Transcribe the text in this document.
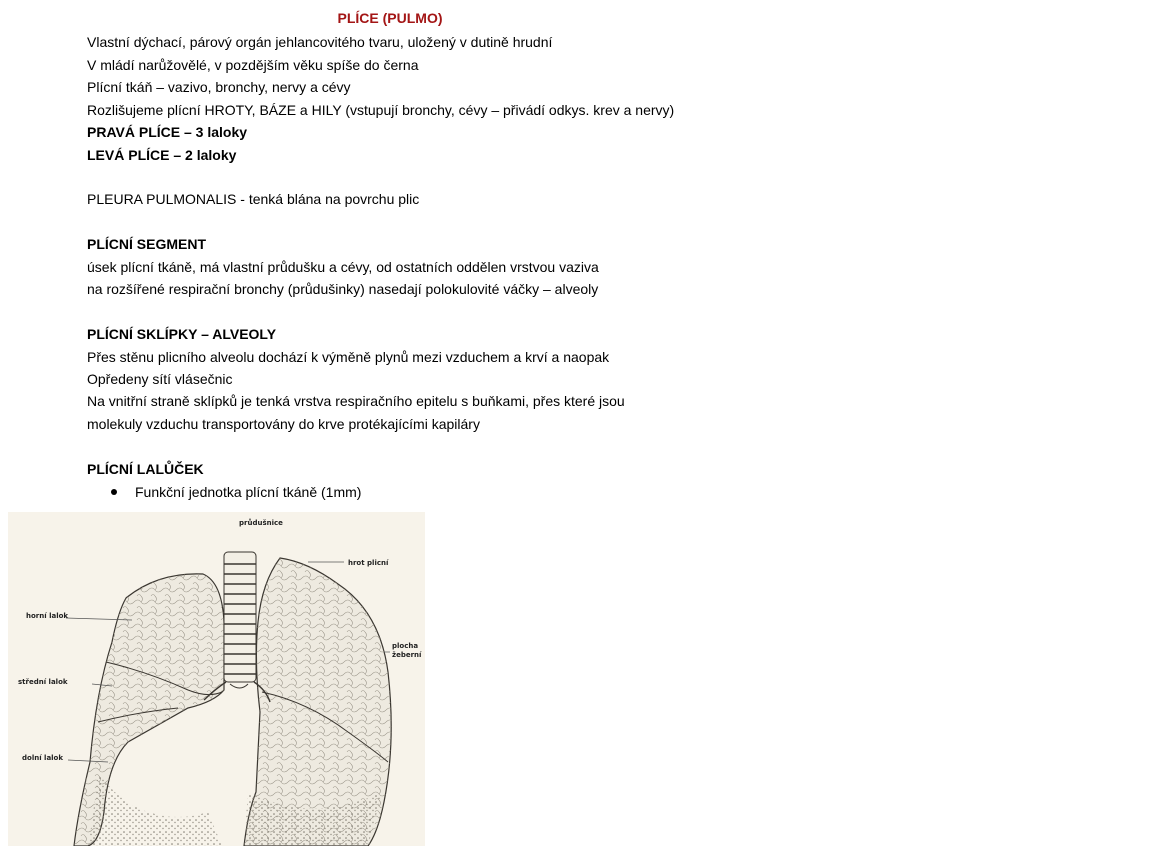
PLÍCE (PULMO)
Vlastní dýchací, párový orgán jehlancovitého tvaru, uložený v dutině hrudní
V mládí narůžovělé, v pozdějším věku spíše do černa
Plícní tkáň – vazivo, bronchy, nervy a cévy
Rozlišujeme plícní HROTY, BÁZE a HILY (vstupují bronchy, cévy – přivádí odkys. krev a nervy)
PRAVÁ PLÍCE – 3 laloky
LEVÁ PLÍCE – 2 laloky
PLEURA PULMONALIS - tenká blána na povrchu plic
PLÍCNÍ SEGMENT
úsek plícní tkáně, má vlastní průdušku a cévy, od ostatních oddělen vrstvou vaziva
na rozšířené respirační bronchy (průdušinky) nasedají polokulovité váčky – alveoly
PLÍCNÍ SKLÍPKY – ALVEOLY
Přes stěnu plicního alveolu dochází k výměně plynů mezi vzduchem a krví a naopak
Opředeny sítí vlásečnic
Na vnitřní straně sklípků je tenká vrstva respiračního epitelu s buňkami, přes které jsou
molekuly vzduchu transportovány do krve protékajícími kapiláry
PLÍCNÍ LALŮČEK
Funkční jednotka plícní tkáně (1mm)
průdušnice
hrot plicní
horní lalok
plocha
žeberní
střední lalok
dolní lalok
